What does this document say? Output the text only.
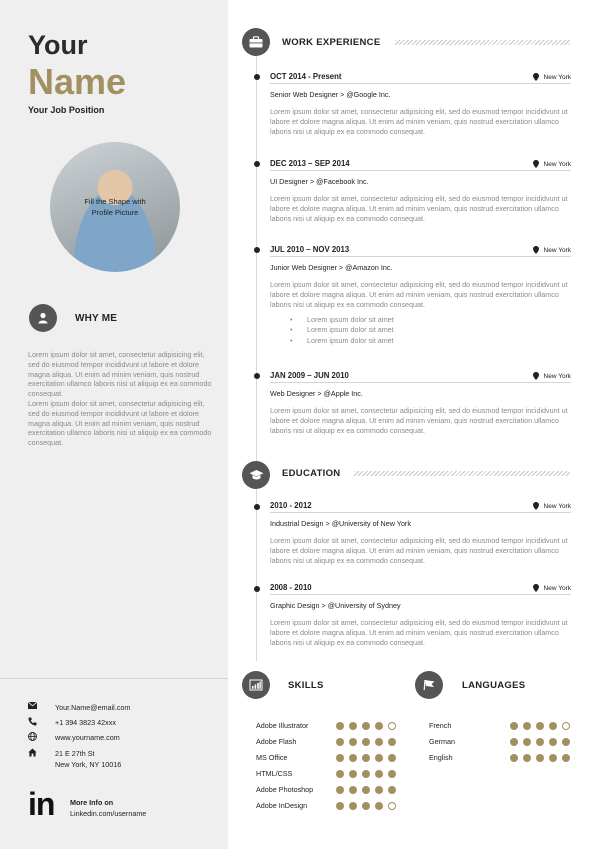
Your
Name
Your Job Position
Fill the Shape with
Profile Picture
WHY ME

Lorem ipsum dolor sit amet, consectetur adipisicing elit, sed do eiusmod tempor incididvunt ut labore et dolore magna aliqua. Ut enim ad minim veniam, quis nostrud exercitation ullamco laboris nisi ut aliquip ex ea commodo consequat.

Lorem ipsum dolor sit amet, consectetur adipisicing elit, sed do eiusmod tempor incididvunt ut labore et dolore magna aliqua. Ut enim ad minim veniam, quis nostrud exercitation ullamco laboris nisi ut aliquip ex ea commodo consequat.

Your.Name@email.com
+1 394 3823 42xxx
www.yourname.com
21 E 27th St
New York, NY 10016
in More Info on
Linkedin.com/username
WORK EXPERIENCE
OCT 2014 - Present	New York
Senior Web Designer > @Google Inc.
Lorem ipsum dolor sit amet, consectetur adipisicing elit, sed do eiusmod tempor incididvunt ut labore et dolore magna aliqua. Ut enim ad minim veniam, quis nostrud exercitation ullamco laboris nisi ut aliquip ex ea commodo consequat.
DEC 2013 – SEP 2014	New York
UI Designer > @Facebook Inc.
Lorem ipsum dolor sit amet, consectetur adipisicing elit, sed do eiusmod tempor incididvunt ut labore et dolore magna aliqua. Ut enim ad minim veniam, quis nostrud exercitation ullamco laboris nisi ut aliquip ex ea commodo consequat.
JUL 2010 – NOV 2013	New York
Junior Web Designer > @Amazon Inc.
Lorem ipsum dolor sit amet, consectetur adipisicing elit, sed do eiusmod tempor incididvunt ut labore et dolore magna aliqua. Ut enim ad minim veniam, quis nostrud exercitation ullamco laboris nisi ut aliquip ex ea commodo consequat.
• Lorem ipsum dolor sit amet
• Lorem ipsum dolor sit amet
• Lorem ipsum dolor sit amet
JAN 2009 – JUN 2010	New York
Web Designer > @Apple Inc.
Lorem ipsum dolor sit amet, consectetur adipisicing elit, sed do eiusmod tempor incididvunt ut labore et dolore magna aliqua. Ut enim ad minim veniam, quis nostrud exercitation ullamco laboris nisi ut aliquip ex ea commodo consequat.
EDUCATION
2010 - 2012	New York
Industrial Design > @University of New York
Lorem ipsum dolor sit amet, consectetur adipisicing elit, sed do eiusmod tempor incididvunt ut labore et dolore magna aliqua. Ut enim ad minim veniam, quis nostrud exercitation ullamco laboris nisi ut aliquip ex ea commodo consequat.
2008 - 2010	New York
Graphic Design > @University of Sydney
Lorem ipsum dolor sit amet, consectetur adipisicing elit, sed do eiusmod tempor incididvunt ut labore et dolore magna aliqua. Ut enim ad minim veniam, quis nostrud exercitation ullamco laboris nisi ut aliquip ex ea commodo consequat.
SKILLS
Adobe Illustrator
Adobe Flash
MS Office
HTML/CSS
Adobe Photoshop
Adobe InDesign
LANGUAGES
French
German
English
